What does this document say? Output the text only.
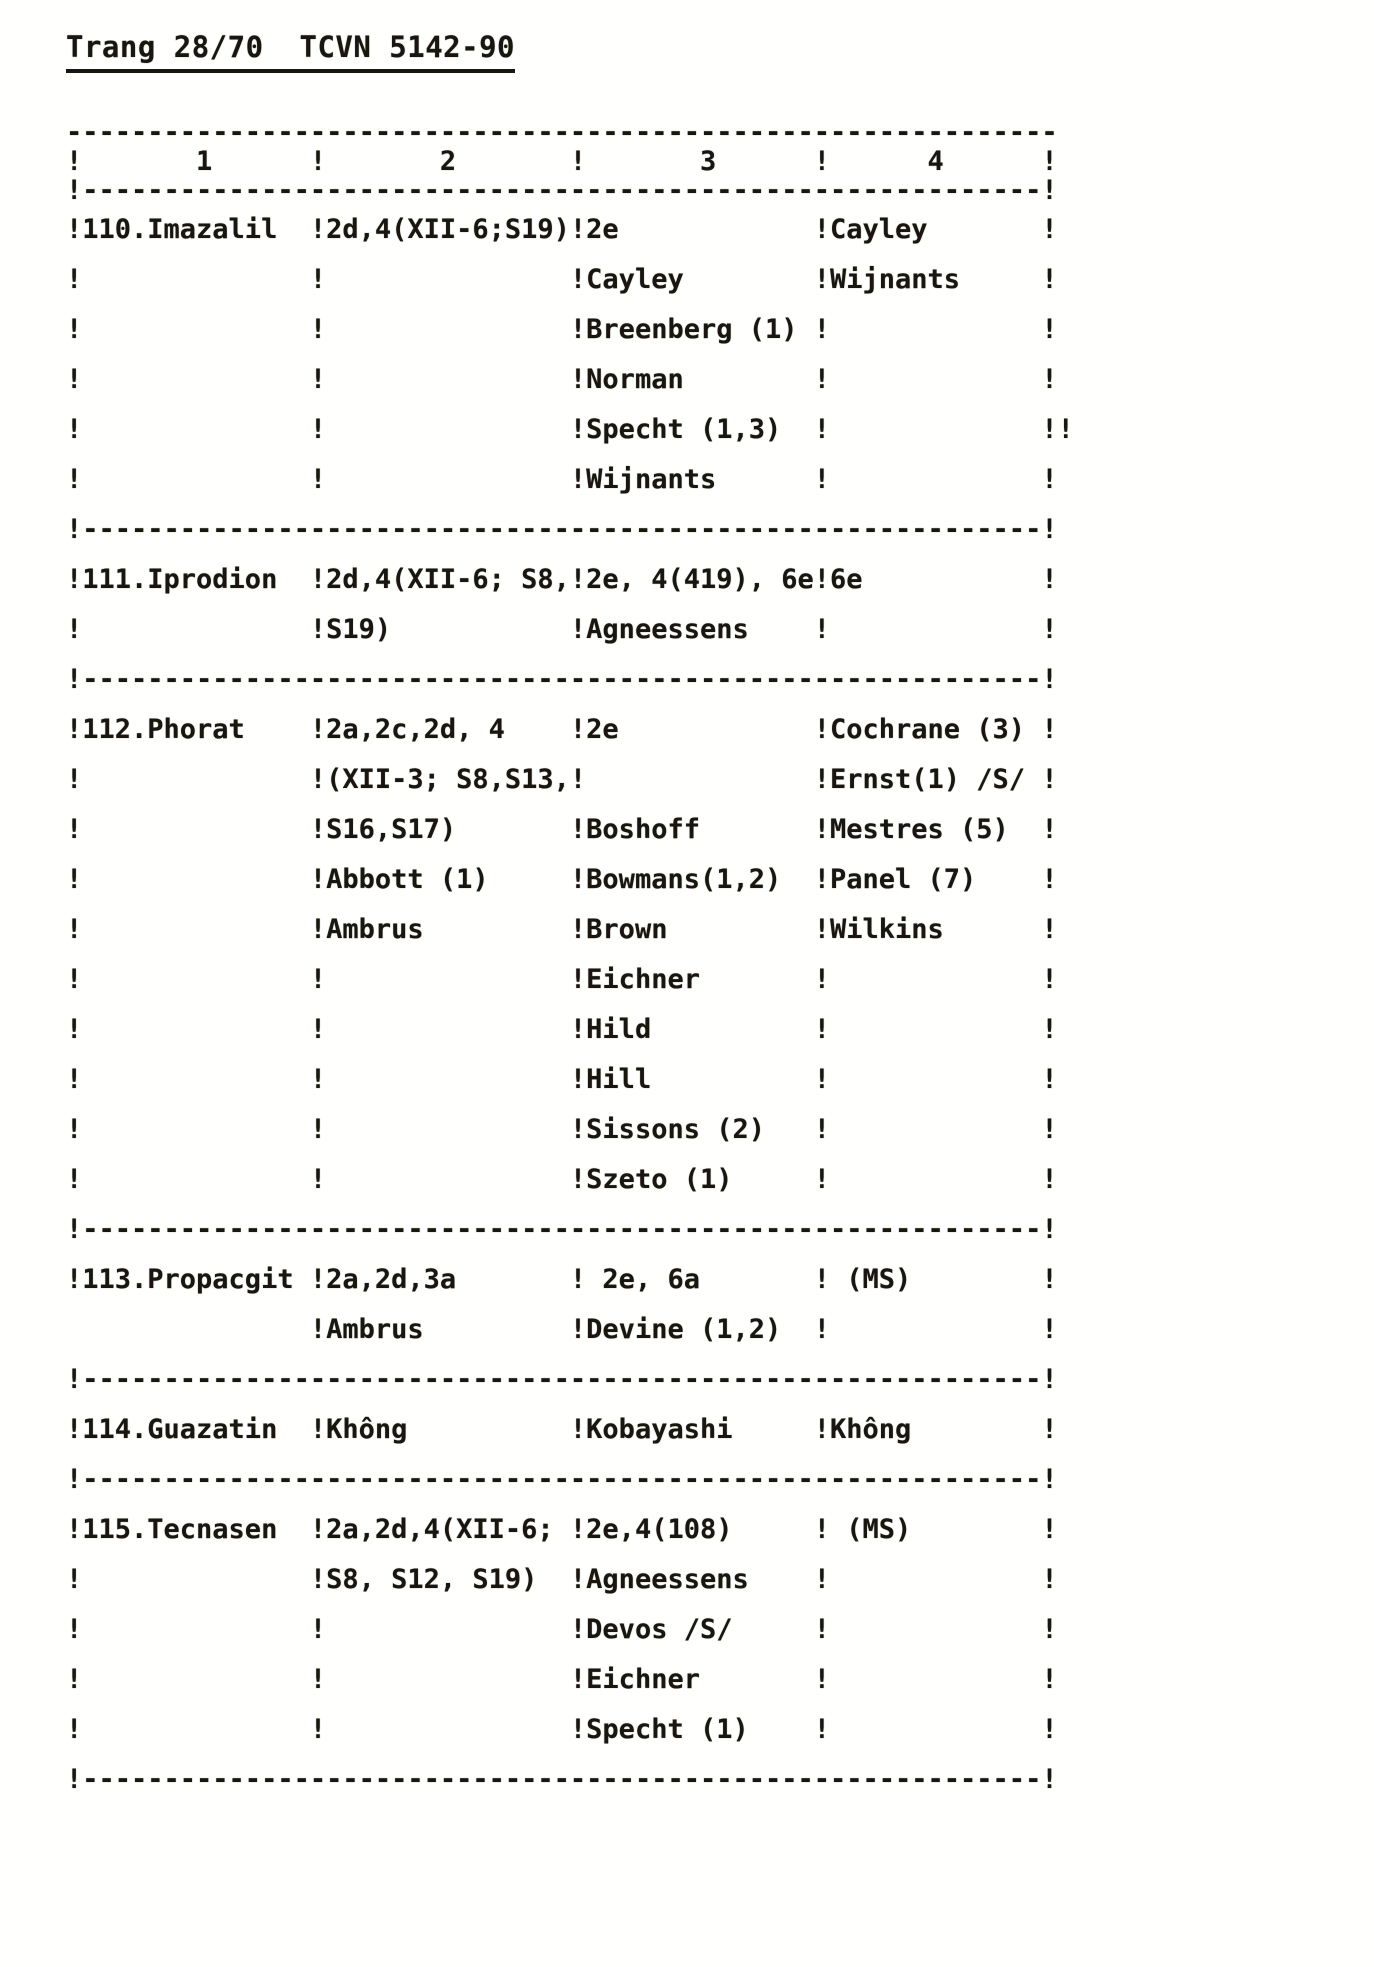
Trang 28/70 TCVN 5142-90
-------------------------------------------------------------
!       1      !       2       !       3      !      4      !
!-----------------------------------------------------------!
!110.Imazalil  !2d,4(XII-6;S19)!2e            !Cayley       !
!              !               !Cayley        !Wijnants     !
!              !               !Breenberg (1) !             !
!              !               !Norman        !             !
!              !               !Specht (1,3)  !             !!
!              !               !Wijnants      !             !
!-----------------------------------------------------------!
!111.Iprodion  !2d,4(XII-6; S8,!2e, 4(419), 6e!6e           !
!              !S19)           !Agneessens    !             !
!-----------------------------------------------------------!
!112.Phorat    !2a,2c,2d, 4    !2e            !Cochrane (3) !
!              !(XII-3; S8,S13,!              !Ernst(1) /S/ !
!              !S16,S17)       !Boshoff       !Mestres (5)  !
!              !Abbott (1)     !Bowmans(1,2)  !Panel (7)    !
!              !Ambrus         !Brown         !Wilkins      !
!              !               !Eichner       !             !
!              !               !Hild          !             !
!              !               !Hill          !             !
!              !               !Sissons (2)   !             !
!              !               !Szeto (1)     !             !
!-----------------------------------------------------------!
!113.Propacgit !2a,2d,3a       ! 2e, 6a       ! (MS)        !
!Ambrus         !Devine (1,2)  !             !
!-----------------------------------------------------------!
!114.Guazatin  !Không          !Kobayashi     !Không        !
!-----------------------------------------------------------!
!115.Tecnasen  !2a,2d,4(XII-6; !2e,4(108)     ! (MS)        !
!              !S8, S12, S19)  !Agneessens    !             !
!              !               !Devos /S/     !             !
!              !               !Eichner       !             !
!              !               !Specht (1)    !             !
!-----------------------------------------------------------!
